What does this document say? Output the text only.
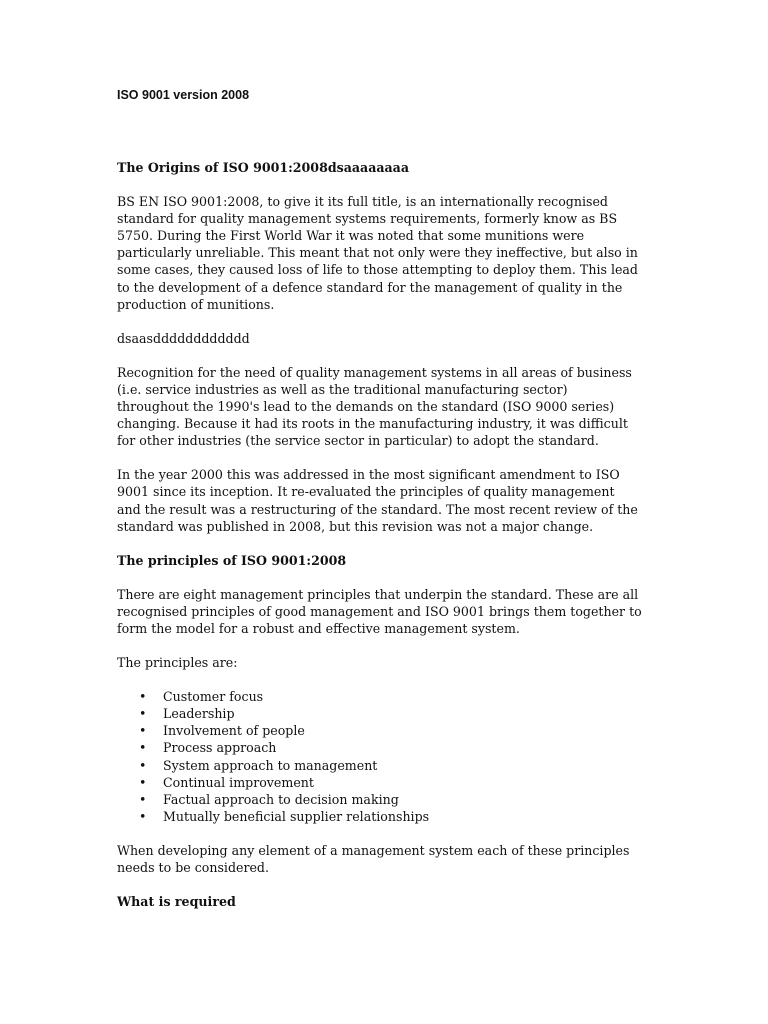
ISO 9001 version 2008
The Origins of ISO 9001:2008dsaaaaaaaa

BS EN ISO 9001:2008, to give it its full title, is an internationally recognised standard for quality management systems requirements, formerly know as BS 5750. During the First World War it was noted that some munitions were particularly unreliable. This meant that not only were they ineffective, but also in some cases, they caused loss of life to those attempting to deploy them. This lead to the development of a defence standard for the management of quality in the production of munitions.

dsaasdddddddddddd

Recognition for the need of quality management systems in all areas of business (i.e. service industries as well as the traditional manufacturing sector) throughout the 1990's lead to the demands on the standard (ISO 9000 series) changing. Because it had its roots in the manufacturing industry, it was difficult for other industries (the service sector in particular) to adopt the standard.

In the year 2000 this was addressed in the most significant amendment to ISO 9001 since its inception. It re-evaluated the principles of quality management and the result was a restructuring of the standard. The most recent review of the standard was published in 2008, but this revision was not a major change.

The principles of ISO 9001:2008

There are eight management principles that underpin the standard. These are all recognised principles of good management and ISO 9001 brings them together to form the model for a robust and effective management system.

The principles are:

• Customer focus
• Leadership
• Involvement of people
• Process approach
• System approach to management
• Continual improvement
• Factual approach to decision making
• Mutually beneficial supplier relationships

When developing any element of a management system each of these principles needs to be considered.

What is required
